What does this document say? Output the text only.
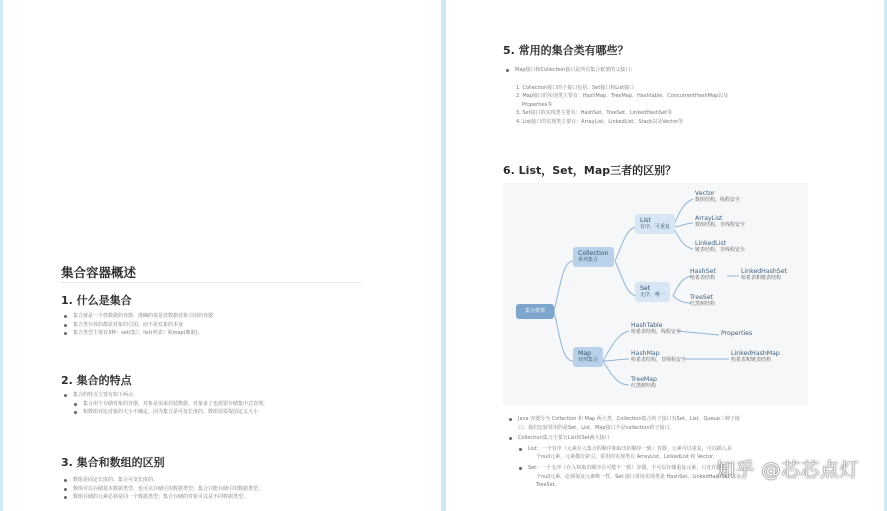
集合容器概述
1. 什么是集合
集合就是一个放数据的容器，准确的说是放数据对象引用的容器
集合类存放的都是对象的引用，而不是对象的本身
集合类型主要有3种：set(集）、list(列表）和map(映射)。
2. 集合的特点
集合的特点主要有如下两点：
集合用于存储对象的容器，对象是用来封装数据，对象多了也需要存储集中式管理。
和数组对比对象的大小不确定。因为集合是可变长度的。数组需要提前定义大小
3. 集合和数组的区别
数组是固定长度的；集合可变长度的。
数组可以存储基本数据类型，也可以存储引用数据类型；集合只能存储引用数据类型。
数组存储的元素必须是同一个数据类型；集合存储的对象可以是不同数据类型。
5. 常用的集合类有哪些？
Map接口和Collection接口是所有集合框架的父接口：
1. Collection接口的子接口包括：Set接口和List接口
2. Map接口的实现类主要有：HashMap、TreeMap、Hashtable、ConcurrentHashMap以及
Properties等
3. Set接口的实现类主要有：HashSet、TreeSet、LinkedHashSet等
4. List接口的实现类主要有：ArrayList、LinkedList、Stack以及Vector等
6. List，Set，Map三者的区别？
集合框架
Collection
单列集合
Map
双列集合
List
有序，可重复
Set
无序，唯一
Vector
数组结构，线程安全
ArrayList
数组结构，非线程安全
LinkedList
链表结构，非线程安全
HashSet
哈希表结构
LinkedHashSet
哈希表和链表结构
TreeSet
红黑树结构
HashTable
哈希表结构，线程安全	Properties
HashMap
哈希表结构，非线程安全
LinkedHashMap
哈希表和链表结构
TreeMap
红黑树结构
Java 容器分为 Collection 和 Map 两大类，Collection集合的子接口有Set、List、Queue三种子接
口。我们比较常用的是Set、List，Map接口不是collection的子接口。
Collection集合主要有List和Set两大接口
List：一个有序（元素存入集合的顺序和取出的顺序一致）容器，元素可以重复，可以插入多
个null元素，元素都有索引。常用的实现类有 ArrayList、LinkedList 和 Vector。
Set：一个无序（存入和取出顺序有可能不一致）容器，不可以存储重复元素，只允许存入一
个null元素，必须保证元素唯一性。Set 接口常用实现类是 HashSet、LinkedHashSet 以及
TreeSet。
知乎 @芯芯点灯
